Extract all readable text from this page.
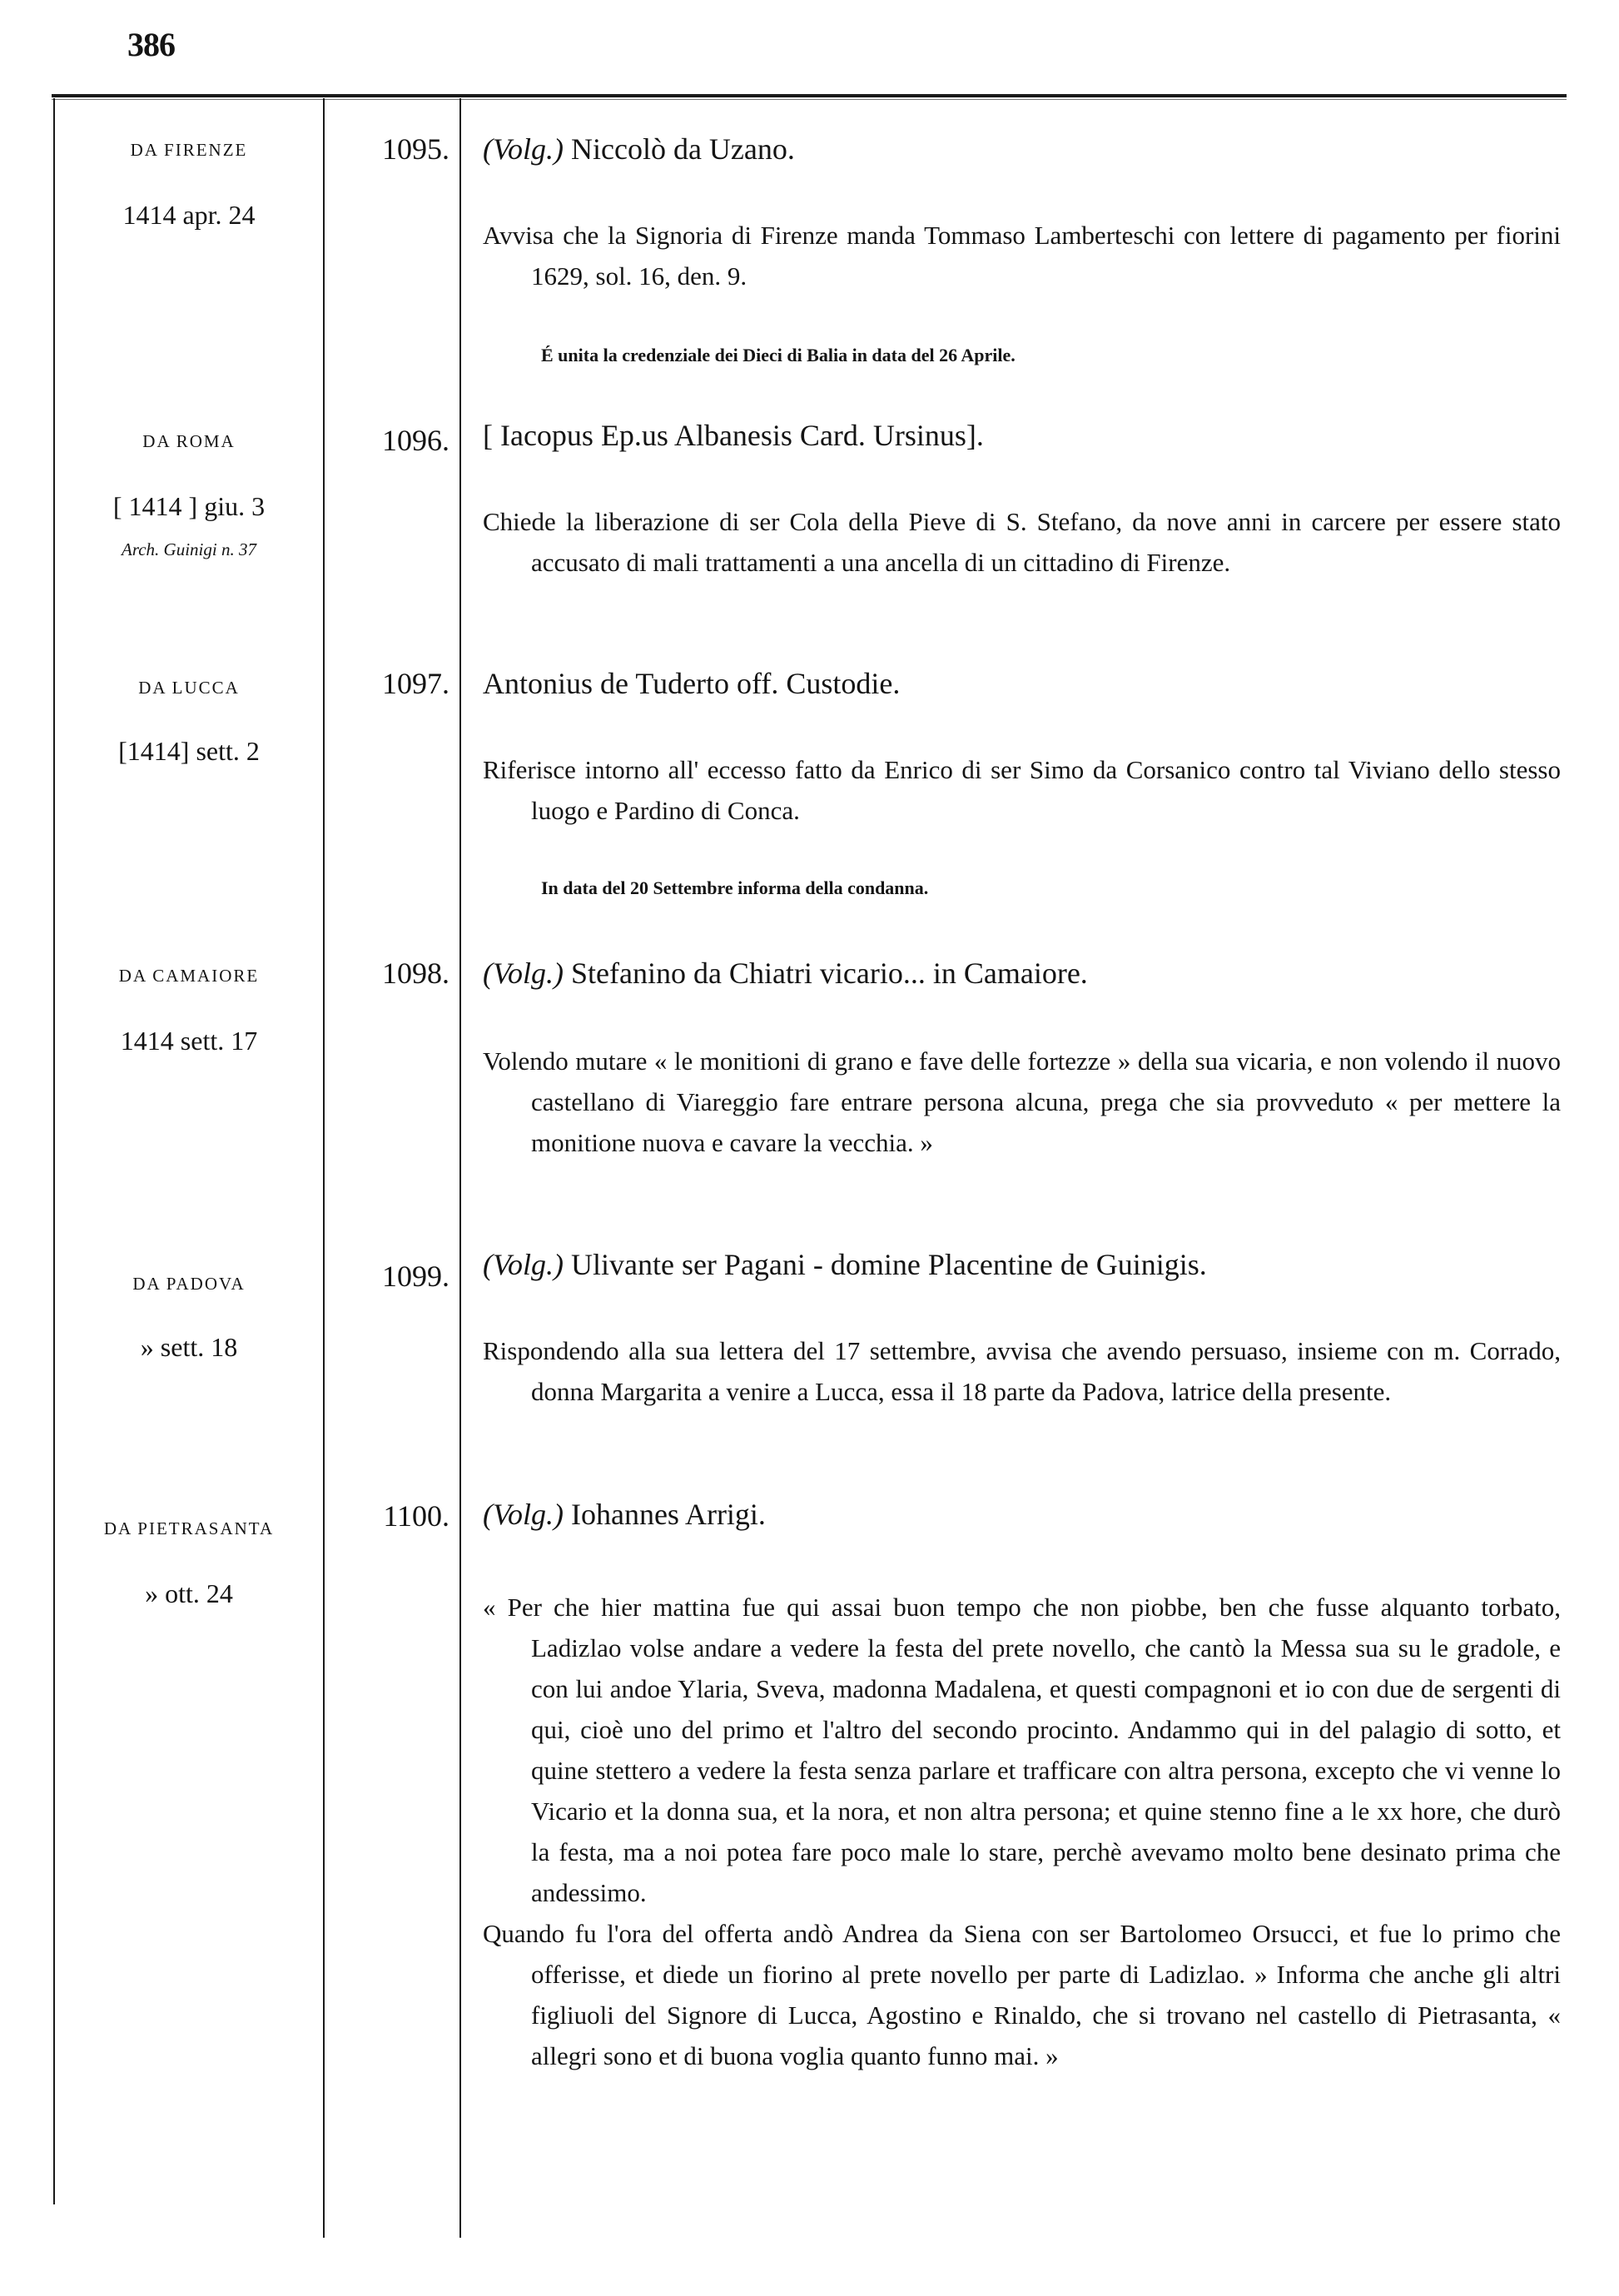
386
DA FIRENZE
1414 apr. 24
1095. (Volg.) Niccolò da Uzano.

Avvisa che la Signoria di Firenze manda Tommaso Lamberteschi con lettere di pagamento per fiorini 1629, sol. 16, den. 9.

É unita la credenziale dei Dieci di Balia in data del 26 Aprile.
DA ROMA
[ 1414 ] giu. 3
Arch. Guinigi n. 37
1096. [ Iacopus Ep.us Albanesis Card. Ursinus].

Chiede la liberazione di ser Cola della Pieve di S. Stefano, da nove anni in carcere per essere stato accusato di mali trattamenti a una ancella di un cittadino di Firenze.

DA LUCCA
[1414] sett. 2
1097. Antonius de Tuderto off. Custodie.

Riferisce intorno all' eccesso fatto da Enrico di ser Simo da Corsanico contro tal Viviano dello stesso luogo e Pardino di Conca.

In data del 20 Settembre informa della condanna.
DA CAMAIORE
1414 sett. 17
1098. (Volg.) Stefanino da Chiatri vicario... in Camaiore.

Volendo mutare « le monitioni di grano e fave delle fortezze » della sua vicaria, e non volendo il nuovo castellano di Viareggio fare entrare persona alcuna, prega che sia provveduto « per mettere la monitione nuova e cavare la vecchia. »

DA PADOVA
» sett. 18
1099. (Volg.) Ulivante ser Pagani - domine Placentine de Guinigis.

Rispondendo alla sua lettera del 17 settembre, avvisa che avendo persuaso, insieme con m. Corrado, donna Margarita a venire a Lucca, essa il 18 parte da Padova, latrice della presente.

DA PIETRASANTA
» ott. 24
1100. (Volg.) Iohannes Arrigi.

« Per che hier mattina fue qui assai buon tempo che non piobbe, ben che fusse alquanto torbato, Ladizlao volse andare a vedere la festa del prete novello, che cantò la Messa sua su le gradole, e con lui andoe Ylaria, Sveva, madonna Madalena, et questi compagnoni et io con due de sergenti di qui, cioè uno del primo et l'altro del secondo procinto. Andammo qui in del palagio di sotto, et quine stettero a vedere la festa senza parlare et trafficare con altra persona, excepto che vi venne lo Vicario et la donna sua, et la nora, et non altra persona; et quine stenno fine a le xx hore, che durò la festa, ma a noi potea fare poco male lo stare, perchè avevamo molto bene desinato prima che andessimo.

Quando fu l'ora del offerta andò Andrea da Siena con ser Bartolomeo Orsucci, et fue lo primo che offerisse, et diede un fiorino al prete novello per parte di Ladizlao. » Informa che anche gli altri figliuoli del Signore di Lucca, Agostino e Rinaldo, che si trovano nel castello di Pietrasanta, « allegri sono et di buona voglia quanto funno mai. »
